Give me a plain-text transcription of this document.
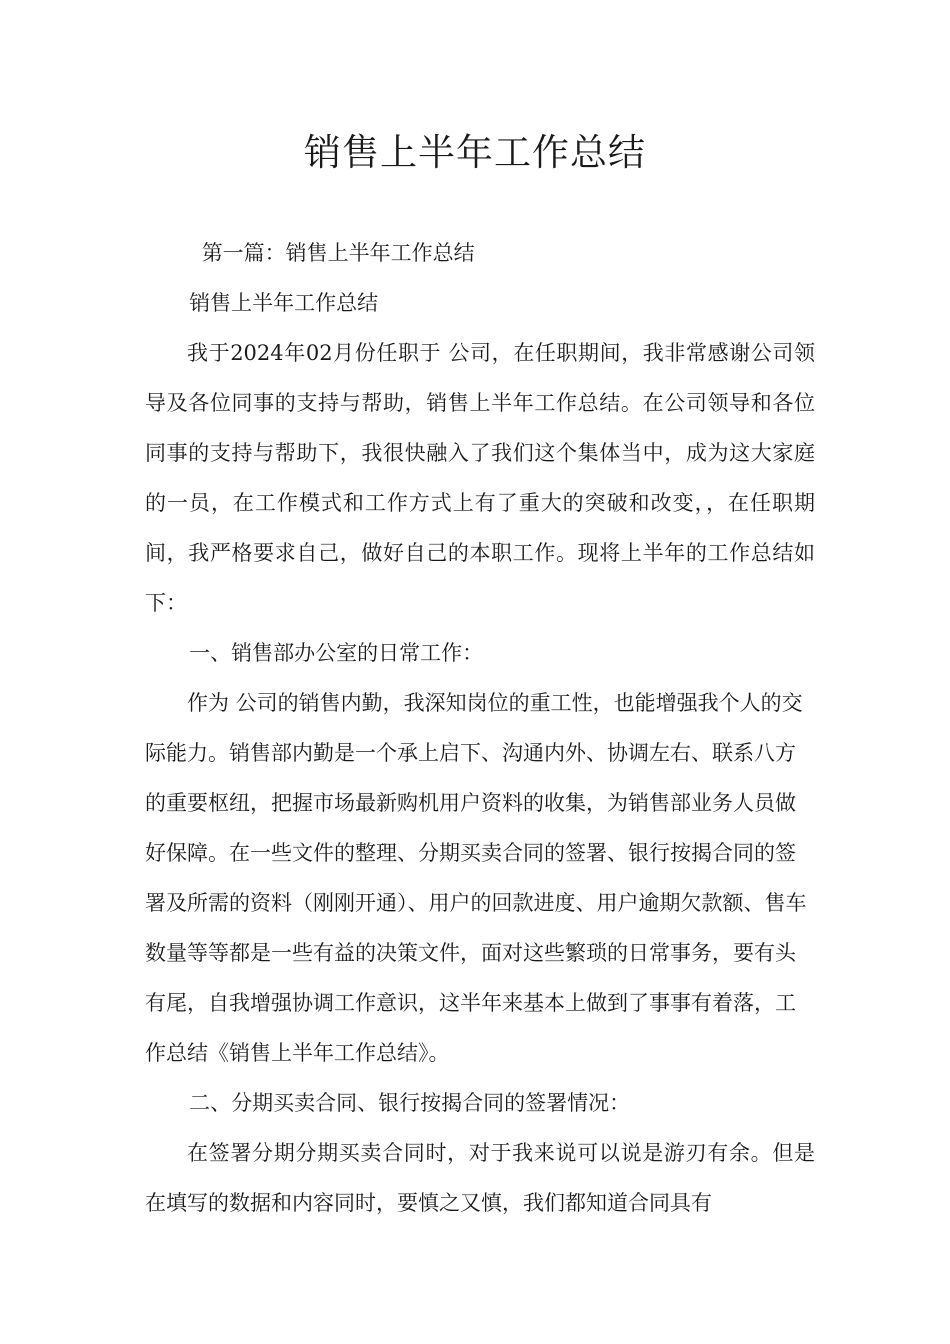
销售上半年工作总结

第一篇：销售上半年工作总结

销售上半年工作总结

我于2024年02月份任职于 公司，在任职期间，我非常感谢公司领导及各位同事的支持与帮助，销售上半年工作总结。在公司领导和各位同事的支持与帮助下，我很快融入了我们这个集体当中，成为这大家庭的一员，在工作模式和工作方式上有了重大的突破和改变，，在任职期间，我严格要求自己，做好自己的本职工作。现将上半年的工作总结如下：

一、销售部办公室的日常工作：

作为 公司的销售内勤，我深知岗位的重工性，也能增强我个人的交际能力。销售部内勤是一个承上启下、沟通内外、协调左右、联系八方的重要枢纽，把握市场最新购机用户资料的收集，为销售部业务人员做好保障。在一些文件的整理、分期买卖合同的签署、银行按揭合同的签署及所需的资料（刚刚开通）、用户的回款进度、用户逾期欠款额、售车数量等等都是一些有益的决策文件，面对这些繁琐的日常事务，要有头有尾，自我增强协调工作意识，这半年来基本上做到了事事有着落，工作总结《销售上半年工作总结》。

二、分期买卖合同、银行按揭合同的签署情况：

在签署分期分期买卖合同时，对于我来说可以说是游刃有余。但是在填写的数据和内容同时，要慎之又慎，我们都知道合同具有
